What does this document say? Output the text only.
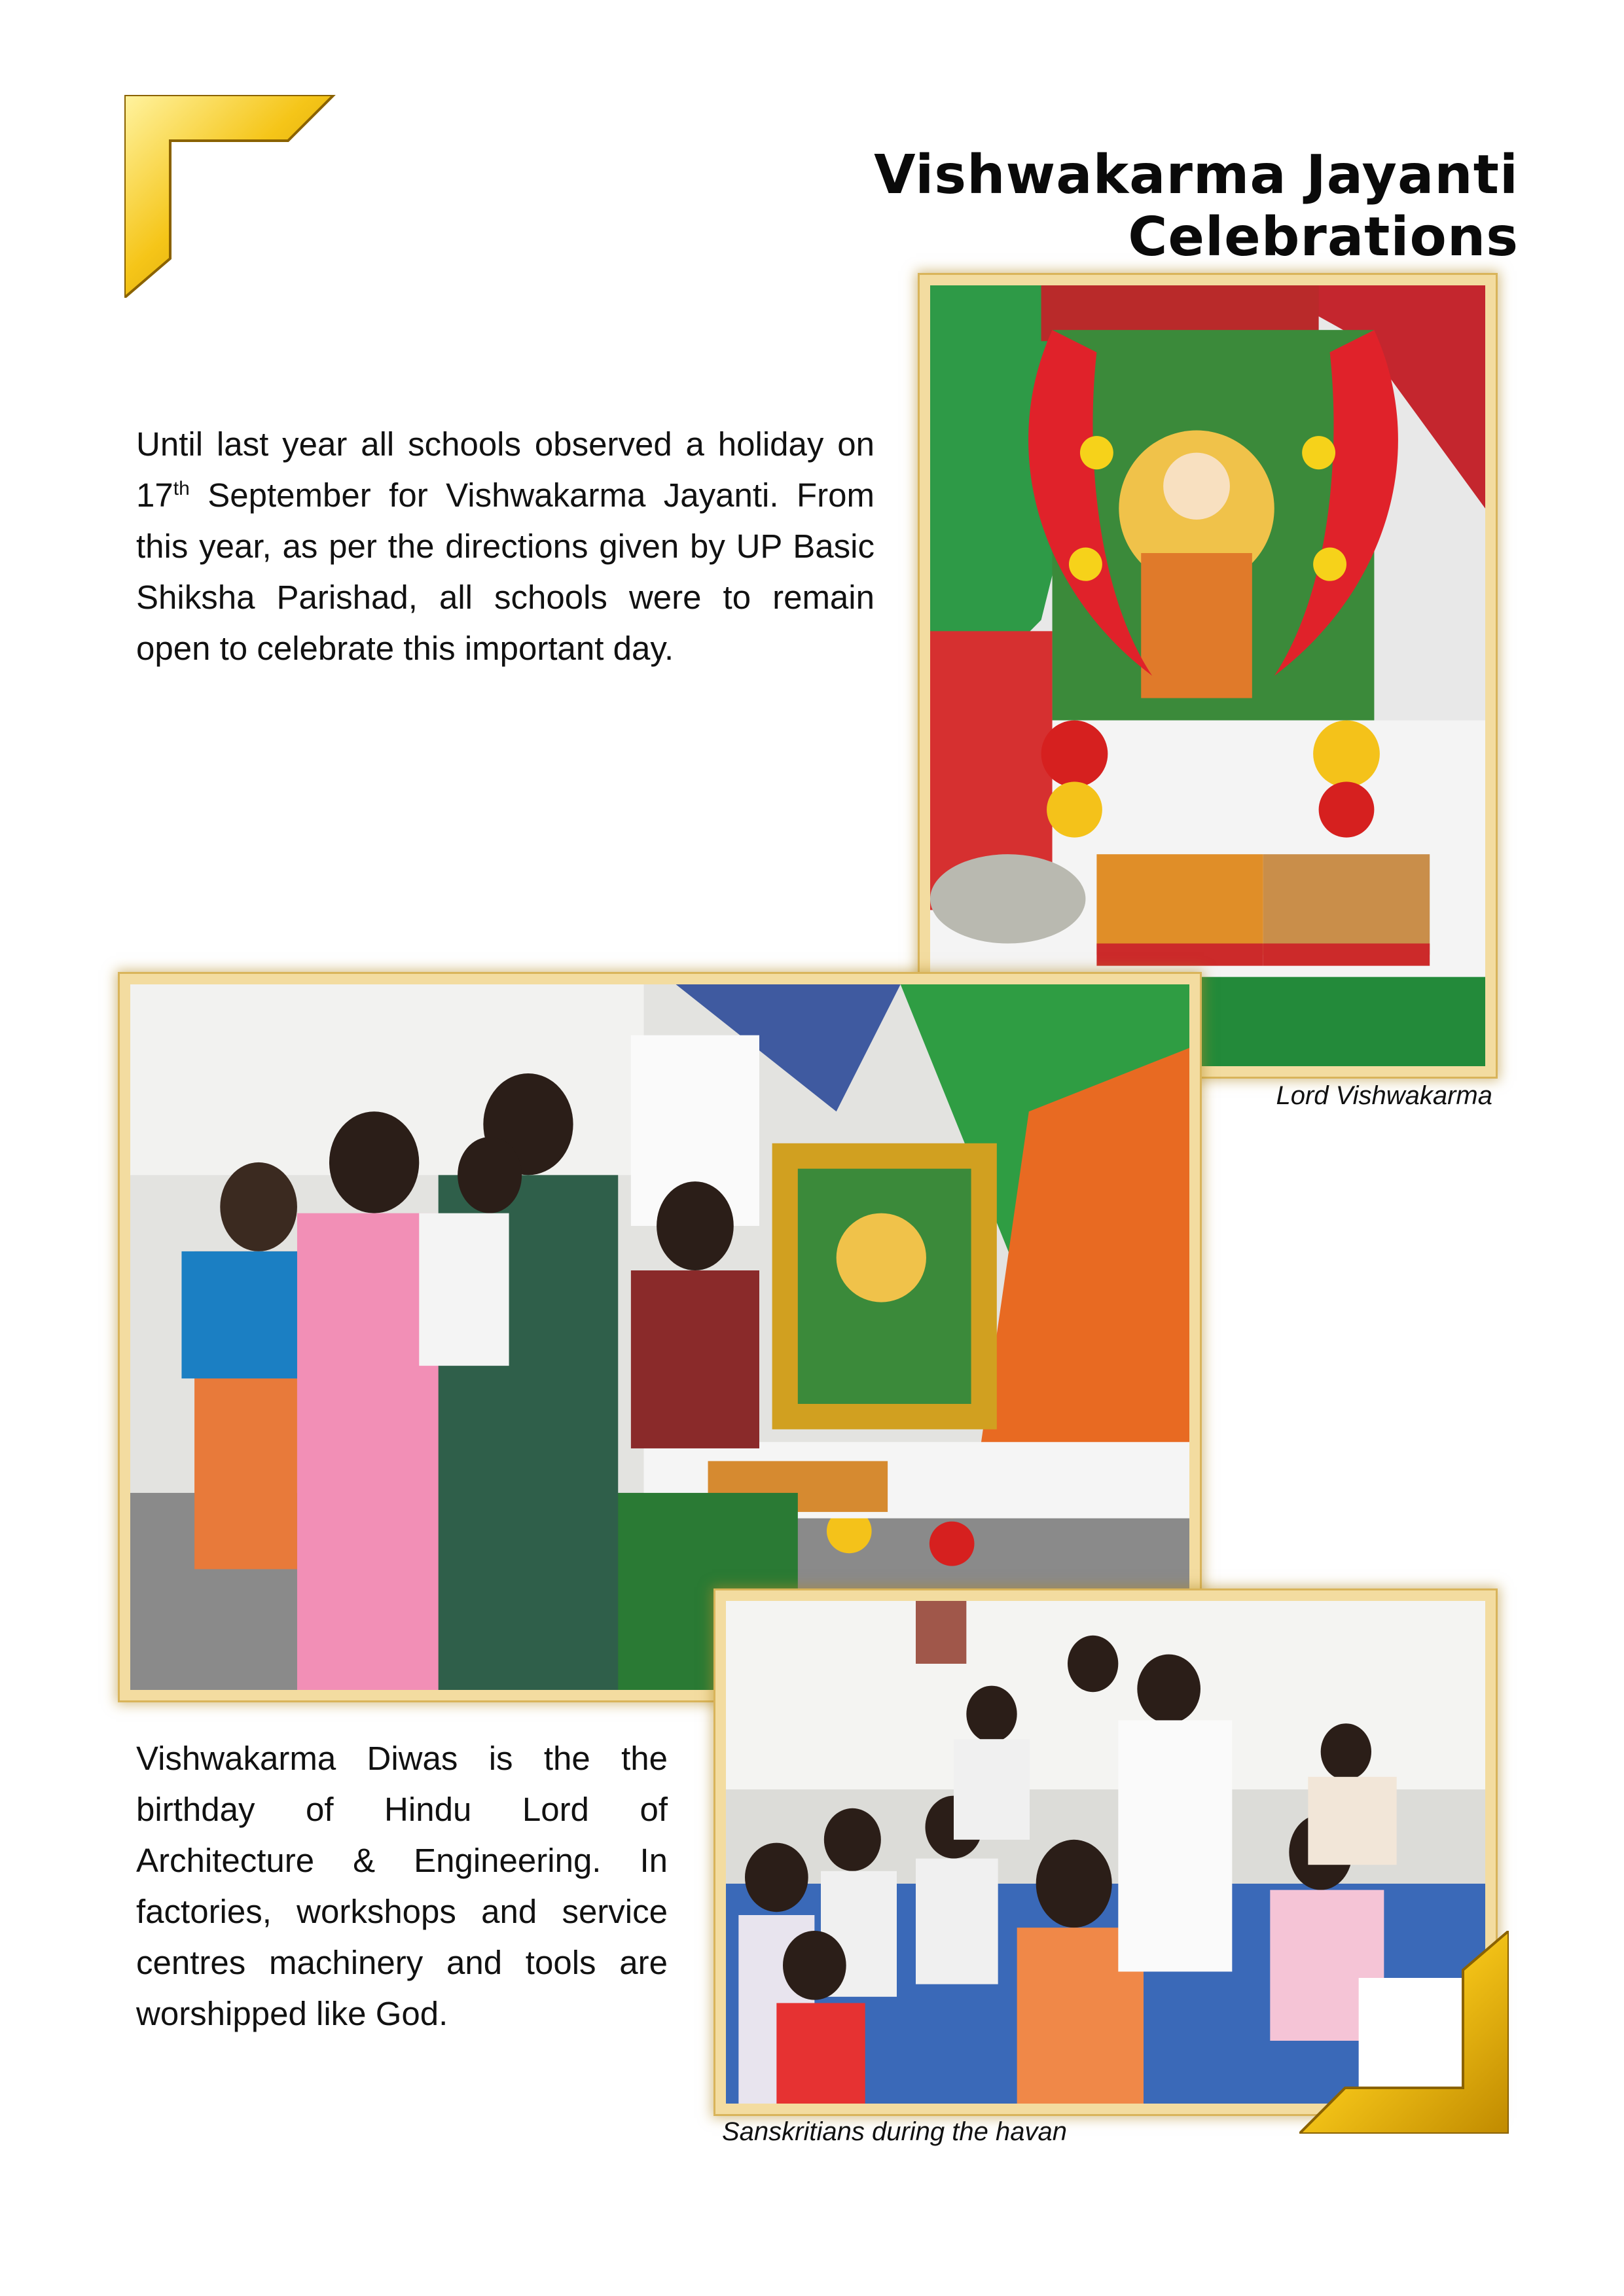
Vishwakarma Jayanti Celebrations

Until last year all schools observed a holiday on 17th September for Vishwakarma Jayanti. From this year, as per the directions given by UP Basic Shiksha Parishad, all schools were to remain open to celebrate this important day.

Lord Vishwakarma

Vishwakarma Diwas is the the birthday of Hindu Lord of Architecture & Engineering. In factories, workshops and service centres machinery and tools are worshipped like God.

Sanskritians during the havan
